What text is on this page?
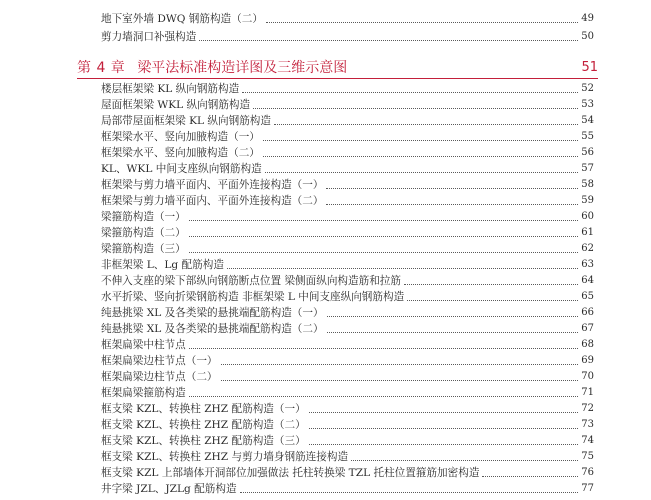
地下室外墙 DWQ 钢筋构造（二）	49
剪力墙洞口补强构造	50
第 4 章 梁平法标准构造详图及三维示意图	51
楼层框架梁 KL 纵向钢筋构造	52
屋面框架梁 WKL 纵向钢筋构造	53
局部带屋面框架梁 KL 纵向钢筋构造	54
框架梁水平、竖向加腋构造（一）	55
框架梁水平、竖向加腋构造（二）	56
KL、WKL 中间支座纵向钢筋构造	57
框架梁与剪力墙平面内、平面外连接构造（一）	58
框架梁与剪力墙平面内、平面外连接构造（二）	59
梁箍筋构造（一）	60
梁箍筋构造（二）	61
梁箍筋构造（三）	62
非框架梁 L、Lg 配筋构造	63
不伸入支座的梁下部纵向钢筋断点位置 梁侧面纵向构造筋和拉筋	64
水平折梁、竖向折梁钢筋构造 非框架梁 L 中间支座纵向钢筋构造	65
纯悬挑梁 XL 及各类梁的悬挑端配筋构造（一）	66
纯悬挑梁 XL 及各类梁的悬挑端配筋构造（二）	67
框架扁梁中柱节点	68
框架扁梁边柱节点（一）	69
框架扁梁边柱节点（二）	70
框架扁梁箍筋构造	71
框支梁 KZL、转换柱 ZHZ 配筋构造（一）	72
框支梁 KZL、转换柱 ZHZ 配筋构造（二）	73
框支梁 KZL、转换柱 ZHZ 配筋构造（三）	74
框支梁 KZL、转换柱 ZHZ 与剪力墙身钢筋连接构造	75
框支梁 KZL 上部墙体开洞部位加强做法 托柱转换梁 TZL 托柱位置箍筋加密构造	76
井字梁 JZL、JZLg 配筋构造	77
